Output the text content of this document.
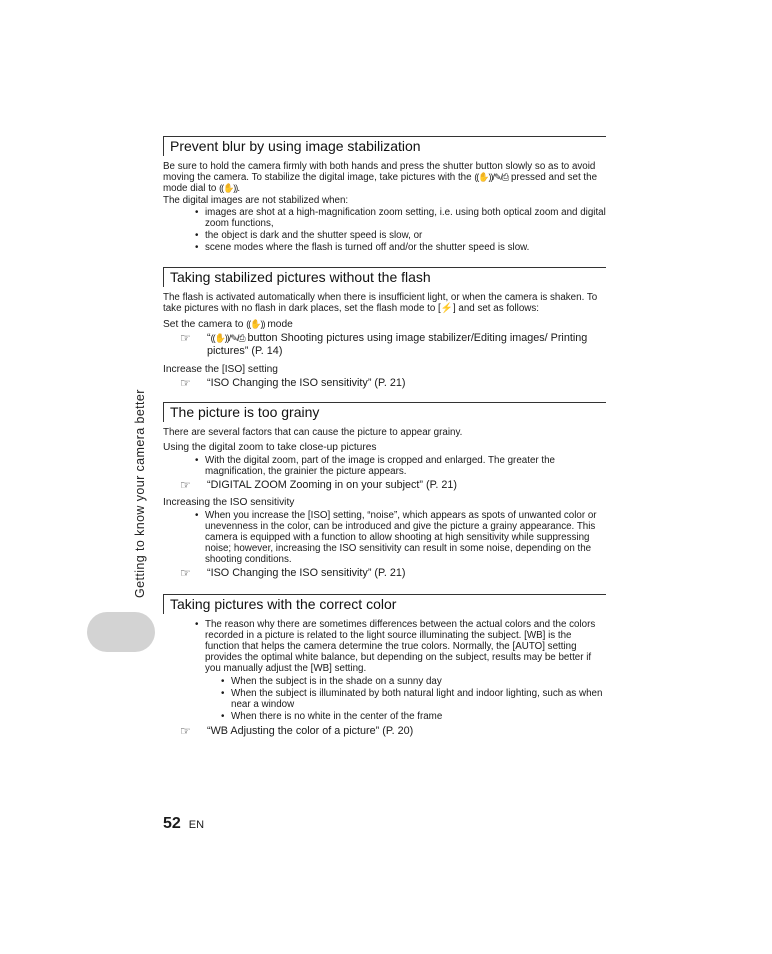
Getting to know your camera better
Prevent blur by using image stabilization

Be sure to hold the camera firmly with both hands and press the shutter button slowly so as to avoid moving the camera. To stabilize the digital image, take pictures with the ((✋))/✎/⎙ pressed and set the mode dial to ((✋)).

The digital images are not stabilized when:

• images are shot at a high-magnification zoom setting, i.e. using both optical zoom and digital zoom functions,
• the object is dark and the shutter speed is slow, or
• scene modes where the flash is turned off and/or the shutter speed is slow.
Taking stabilized pictures without the flash

The flash is activated automatically when there is insufficient light, or when the camera is shaken. To take pictures with no flash in dark places, set the flash mode to [⚡] and set as follows:

Set the camera to ((✋)) mode
☞ “((✋))/✎/⎙ button Shooting pictures using image stabilizer/Editing images/ Printing pictures” (P. 14)
Increase the [ISO] setting
☞ “ISO Changing the ISO sensitivity” (P. 21)
The picture is too grainy

There are several factors that can cause the picture to appear grainy.

Using the digital zoom to take close-up pictures
• With the digital zoom, part of the image is cropped and enlarged. The greater the magnification, the grainier the picture appears.
☞ “DIGITAL ZOOM Zooming in on your subject” (P. 21)
Increasing the ISO sensitivity
• When you increase the [ISO] setting, “noise”, which appears as spots of unwanted color or unevenness in the color, can be introduced and give the picture a grainy appearance. This camera is equipped with a function to allow shooting at high sensitivity while suppressing noise; however, increasing the ISO sensitivity can result in some noise, depending on the shooting conditions.
☞ “ISO Changing the ISO sensitivity” (P. 21)
Taking pictures with the correct color
• The reason why there are sometimes differences between the actual colors and the colors recorded in a picture is related to the light source illuminating the subject. [WB] is the function that helps the camera determine the true colors. Normally, the [AUTO] setting provides the optimal white balance, but depending on the subject, results may be better if you manually adjust the [WB] setting.
• When the subject is in the shade on a sunny day
• When the subject is illuminated by both natural light and indoor lighting, such as when near a window
• When there is no white in the center of the frame
☞ “WB Adjusting the color of a picture” (P. 20)
52 EN
